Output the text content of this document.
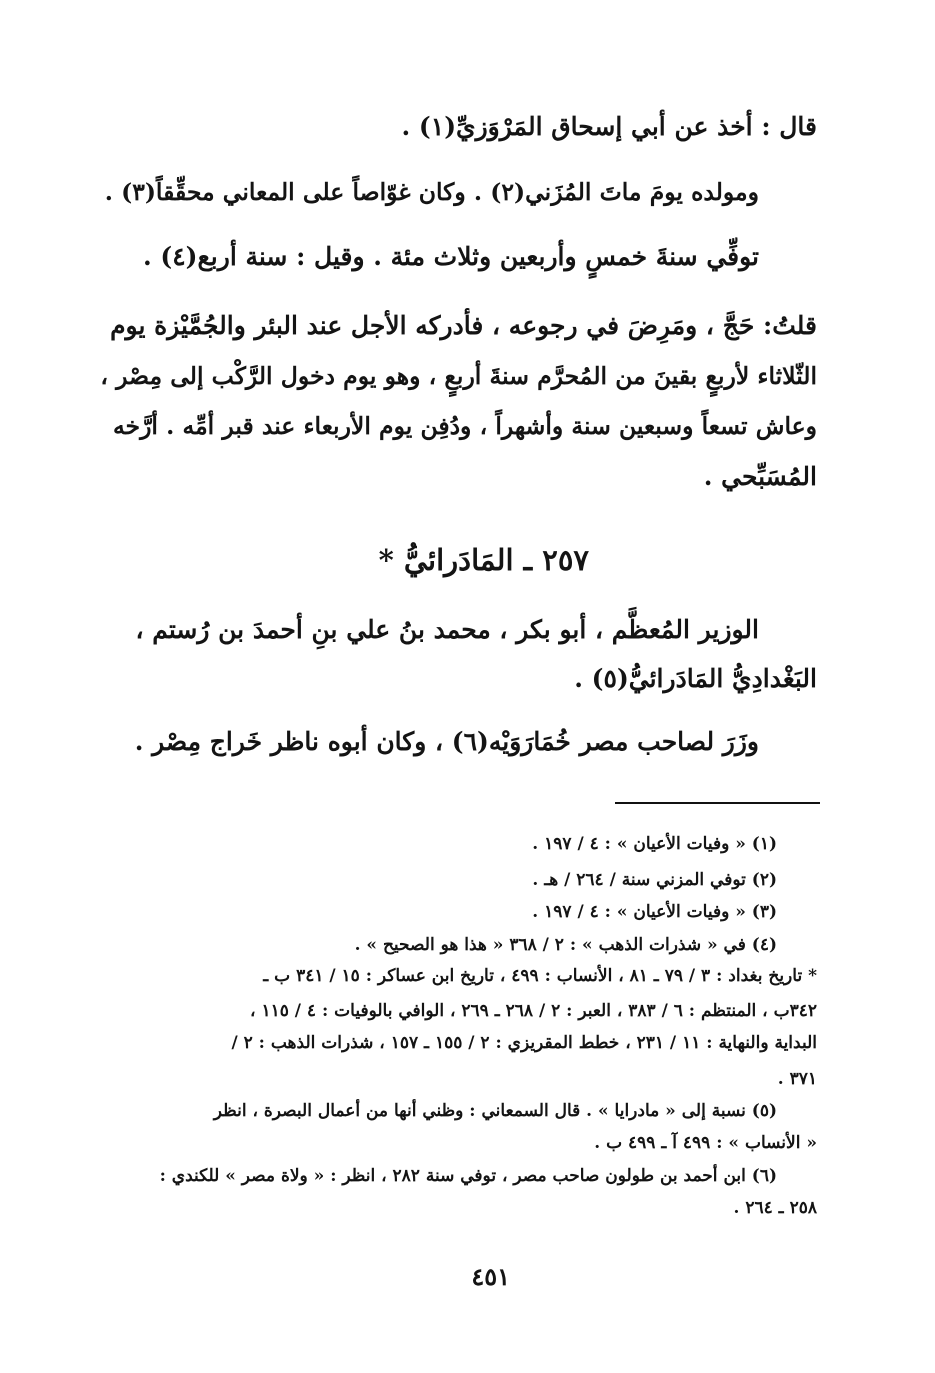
قال : أخذ عن أبي إسحاق المَرْوَزيِّ(١) .
ومولده يومَ ماتَ المُزَني(٢) . وكان غوّاصاً على المعاني محقِّقاً(٣) .
توفِّي سنةَ خمسٍ وأربعين وثلاث مئة . وقيل : سنة أربع(٤) .
قلتُ: حَجَّ ، ومَرِضَ في رجوعه ، فأدركه الأجل عند البئر والجُمَّيْزة يوم
الثّلاثاء لأربعٍ بقينَ من المُحرَّم سنةَ أربعٍ ، وهو يوم دخول الرَّكْب إلى مِصْر ،
وعاش تسعاً وسبعين سنة وأشهراً ، ودُفِن يوم الأربعاء عند قبر أمِّه . أرَّخه
المُسَبِّحي .
٢٥٧ ـ المَادَرائيُّ *
الوزير المُعظَّم ، أبو بكر ، محمد بنُ علي بنِ أحمدَ بن رُستم ،
البَغْدادِيُّ المَادَرائيُّ(٥) .
وزَرَ لصاحب مصر خُمَارَوَيْه(٦) ، وكان أبوه ناظر خَراج مِصْر .
(١) « وفيات الأعيان » : ٤ / ١٩٧ .
(٢) توفي المزني سنة / ٢٦٤ / هـ .
(٣) « وفيات الأعيان » : ٤ / ١٩٧ .
(٤) في « شذرات الذهب » : ٢ / ٣٦٨ « هذا هو الصحيح » .
* تاريخ بغداد : ٣ / ٧٩ ـ ٨١ ، الأنساب : ٤٩٩ ، تاريخ ابن عساكر : ١٥ / ٣٤١ ب ـ
٣٤٢ب ، المنتظم : ٦ / ٣٨٣ ، العبر : ٢ / ٢٦٨ ـ ٢٦٩ ، الوافي بالوفيات : ٤ / ١١٥ ،
البداية والنهاية : ١١ / ٢٣١ ، خطط المقريزي : ٢ / ١٥٥ ـ ١٥٧ ، شذرات الذهب : ٢ /
٣٧١ .
(٥) نسبة إلى « مادرايا » . قال السمعاني : وظني أنها من أعمال البصرة ، انظر
« الأنساب » : ٤٩٩ آ ـ ٤٩٩ ب .
(٦) ابن أحمد بن طولون صاحب مصر ، توفي سنة ٢٨٢ ، انظر : « ولاة مصر » للكندي :
٢٥٨ ـ ٢٦٤ .
٤٥١
